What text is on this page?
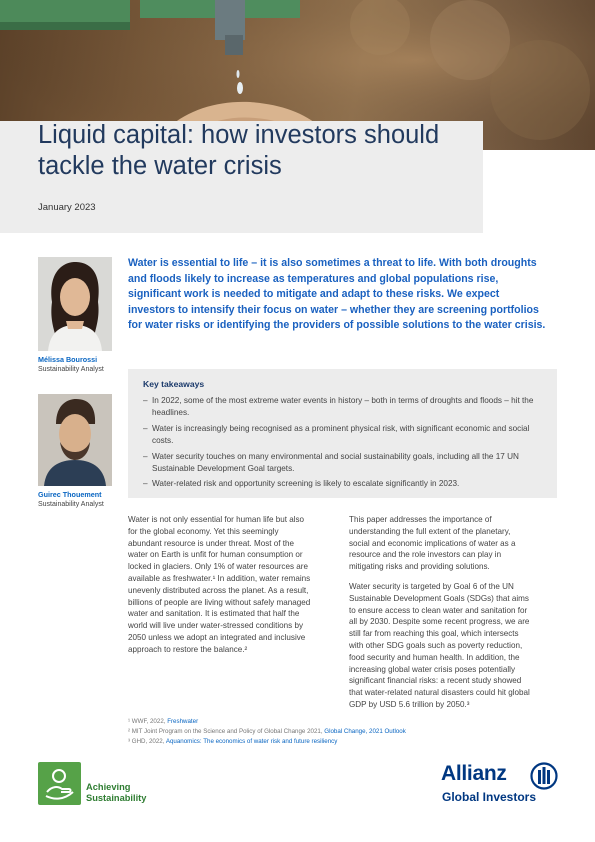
Liquid capital: how investors should tackle the water crisis
January 2023
Mélissa Bourossi
Sustainability Analyst
Guirec Thouement
Sustainability Analyst
Water is essential to life – it is also sometimes a threat to life. With both droughts and floods likely to increase as temperatures and global populations rise, significant work is needed to mitigate and adapt to these risks. We expect investors to intensify their focus on water – whether they are screening portfolios for water risks or identifying the providers of possible solutions to the water crisis.
Key takeaways
– In 2022, some of the most extreme water events in history – both in terms of droughts and floods – hit the headlines.
– Water is increasingly being recognised as a prominent physical risk, with significant economic and social costs.
– Water security touches on many environmental and social sustainability goals, including all the 17 UN Sustainable Development Goal targets.
– Water-related risk and opportunity screening is likely to escalate significantly in 2023.

Water is not only essential for human life but also for the global economy. Yet this seemingly abundant resource is under threat. Most of the water on Earth is unfit for human consumption or locked in glaciers. Only 1% of water resources are available as freshwater.¹ In addition, water remains unevenly distributed across the planet. As a result, billions of people are living without safely managed water and sanitation. It is estimated that half the world will live under water-stressed conditions by 2050 unless we adopt an integrated and inclusive approach to restore the balance.²

This paper addresses the importance of understanding the full extent of the planetary, social and economic implications of water as a resource and the role investors can play in mitigating risks and providing solutions.

Water security is targeted by Goal 6 of the UN Sustainable Development Goals (SDGs) that aims to ensure access to clean water and sanitation for all by 2030. Despite some recent progress, we are still far from reaching this goal, which intersects with other SDG goals such as poverty reduction, food security and human health. In addition, the increasing global water crisis poses potentially significant financial risks: a recent study showed that water-related natural disasters could hit global GDP by USD 5.6 trillion by 2050.³

¹ WWF, 2022, Freshwater
² MIT Joint Program on the Science and Policy of Global Change 2021, Global Change, 2021 Outlook
³ GHD, 2022, Aquanomics: The economics of water risk and future resiliency
Achieving
Sustainability
Allianz
Global Investors
